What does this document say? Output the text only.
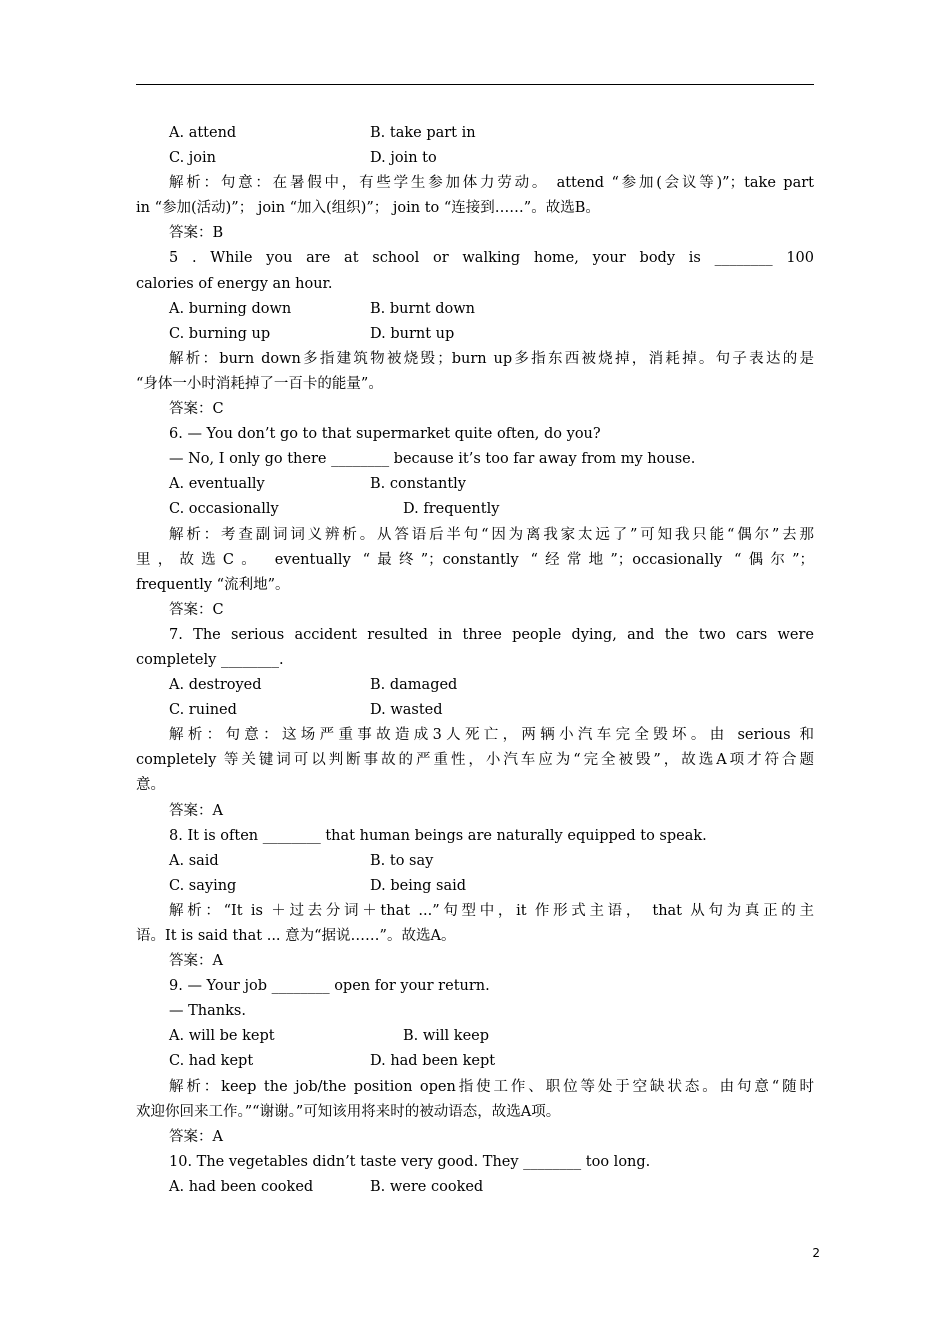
A. attend	B. take part in
C. join	D. join to
解析：句意：在暑假中，有些学生参加体力劳动。 attend “参加(会议等)”；take part
in “参加(活动)”； join “加入(组织)”； join to “连接到……”。故选B。
答案：B
5 . While you are at school or walking home, your body is ________ 100
calories of energy an hour.
A. burning down	B. burnt down
C. burning up	D. burnt up
解析：burn down多指建筑物被烧毁；burn up多指东西被烧掉，消耗掉。句子表达的是
“身体一小时消耗掉了一百卡的能量”。
答案：C
6. — You don’t go to that supermarket quite often, do you?
— No, I only go there ________ because it’s too far away from my house.
A. eventually	B. constantly
C. occasionally	D. frequently
解析：考查副词词义辨析。从答语后半句“因为离我家太远了”可知我只能“偶尔”去那
里，故选C。 eventually “最终”；constantly “经常地”；occasionally “偶尔”；
frequently “流利地”。
答案：C
7. The serious accident resulted in three people dying, and the two cars were
completely ________.
A. destroyed	B. damaged
C. ruined	D. wasted
解析：句意：这场严重事故造成3人死亡，两辆小汽车完全毁坏。由 serious 和
completely 等关键词可以判断事故的严重性，小汽车应为“完全被毁”，故选A项才符合题
意。
答案：A
8. It is often ________ that human beings are naturally equipped to speak.
A. said	B. to say
C. saying	D. being said
解析：“It is ＋过去分词＋that ...”句型中，it 作形式主语， that 从句为真正的主
语。It is said that ... 意为“据说……”。故选A。
答案：A
9. — Your job ________ open for your return.
— Thanks.
A. will be kept	B. will keep
C. had kept	D. had been kept
解析：keep the job/the position open指使工作、职位等处于空缺状态。由句意“随时
欢迎你回来工作。”“谢谢。”可知该用将来时的被动语态，故选A项。
答案：A
10. The vegetables didn’t taste very good. They ________ too long.
A. had been cooked	B. were cooked
2
